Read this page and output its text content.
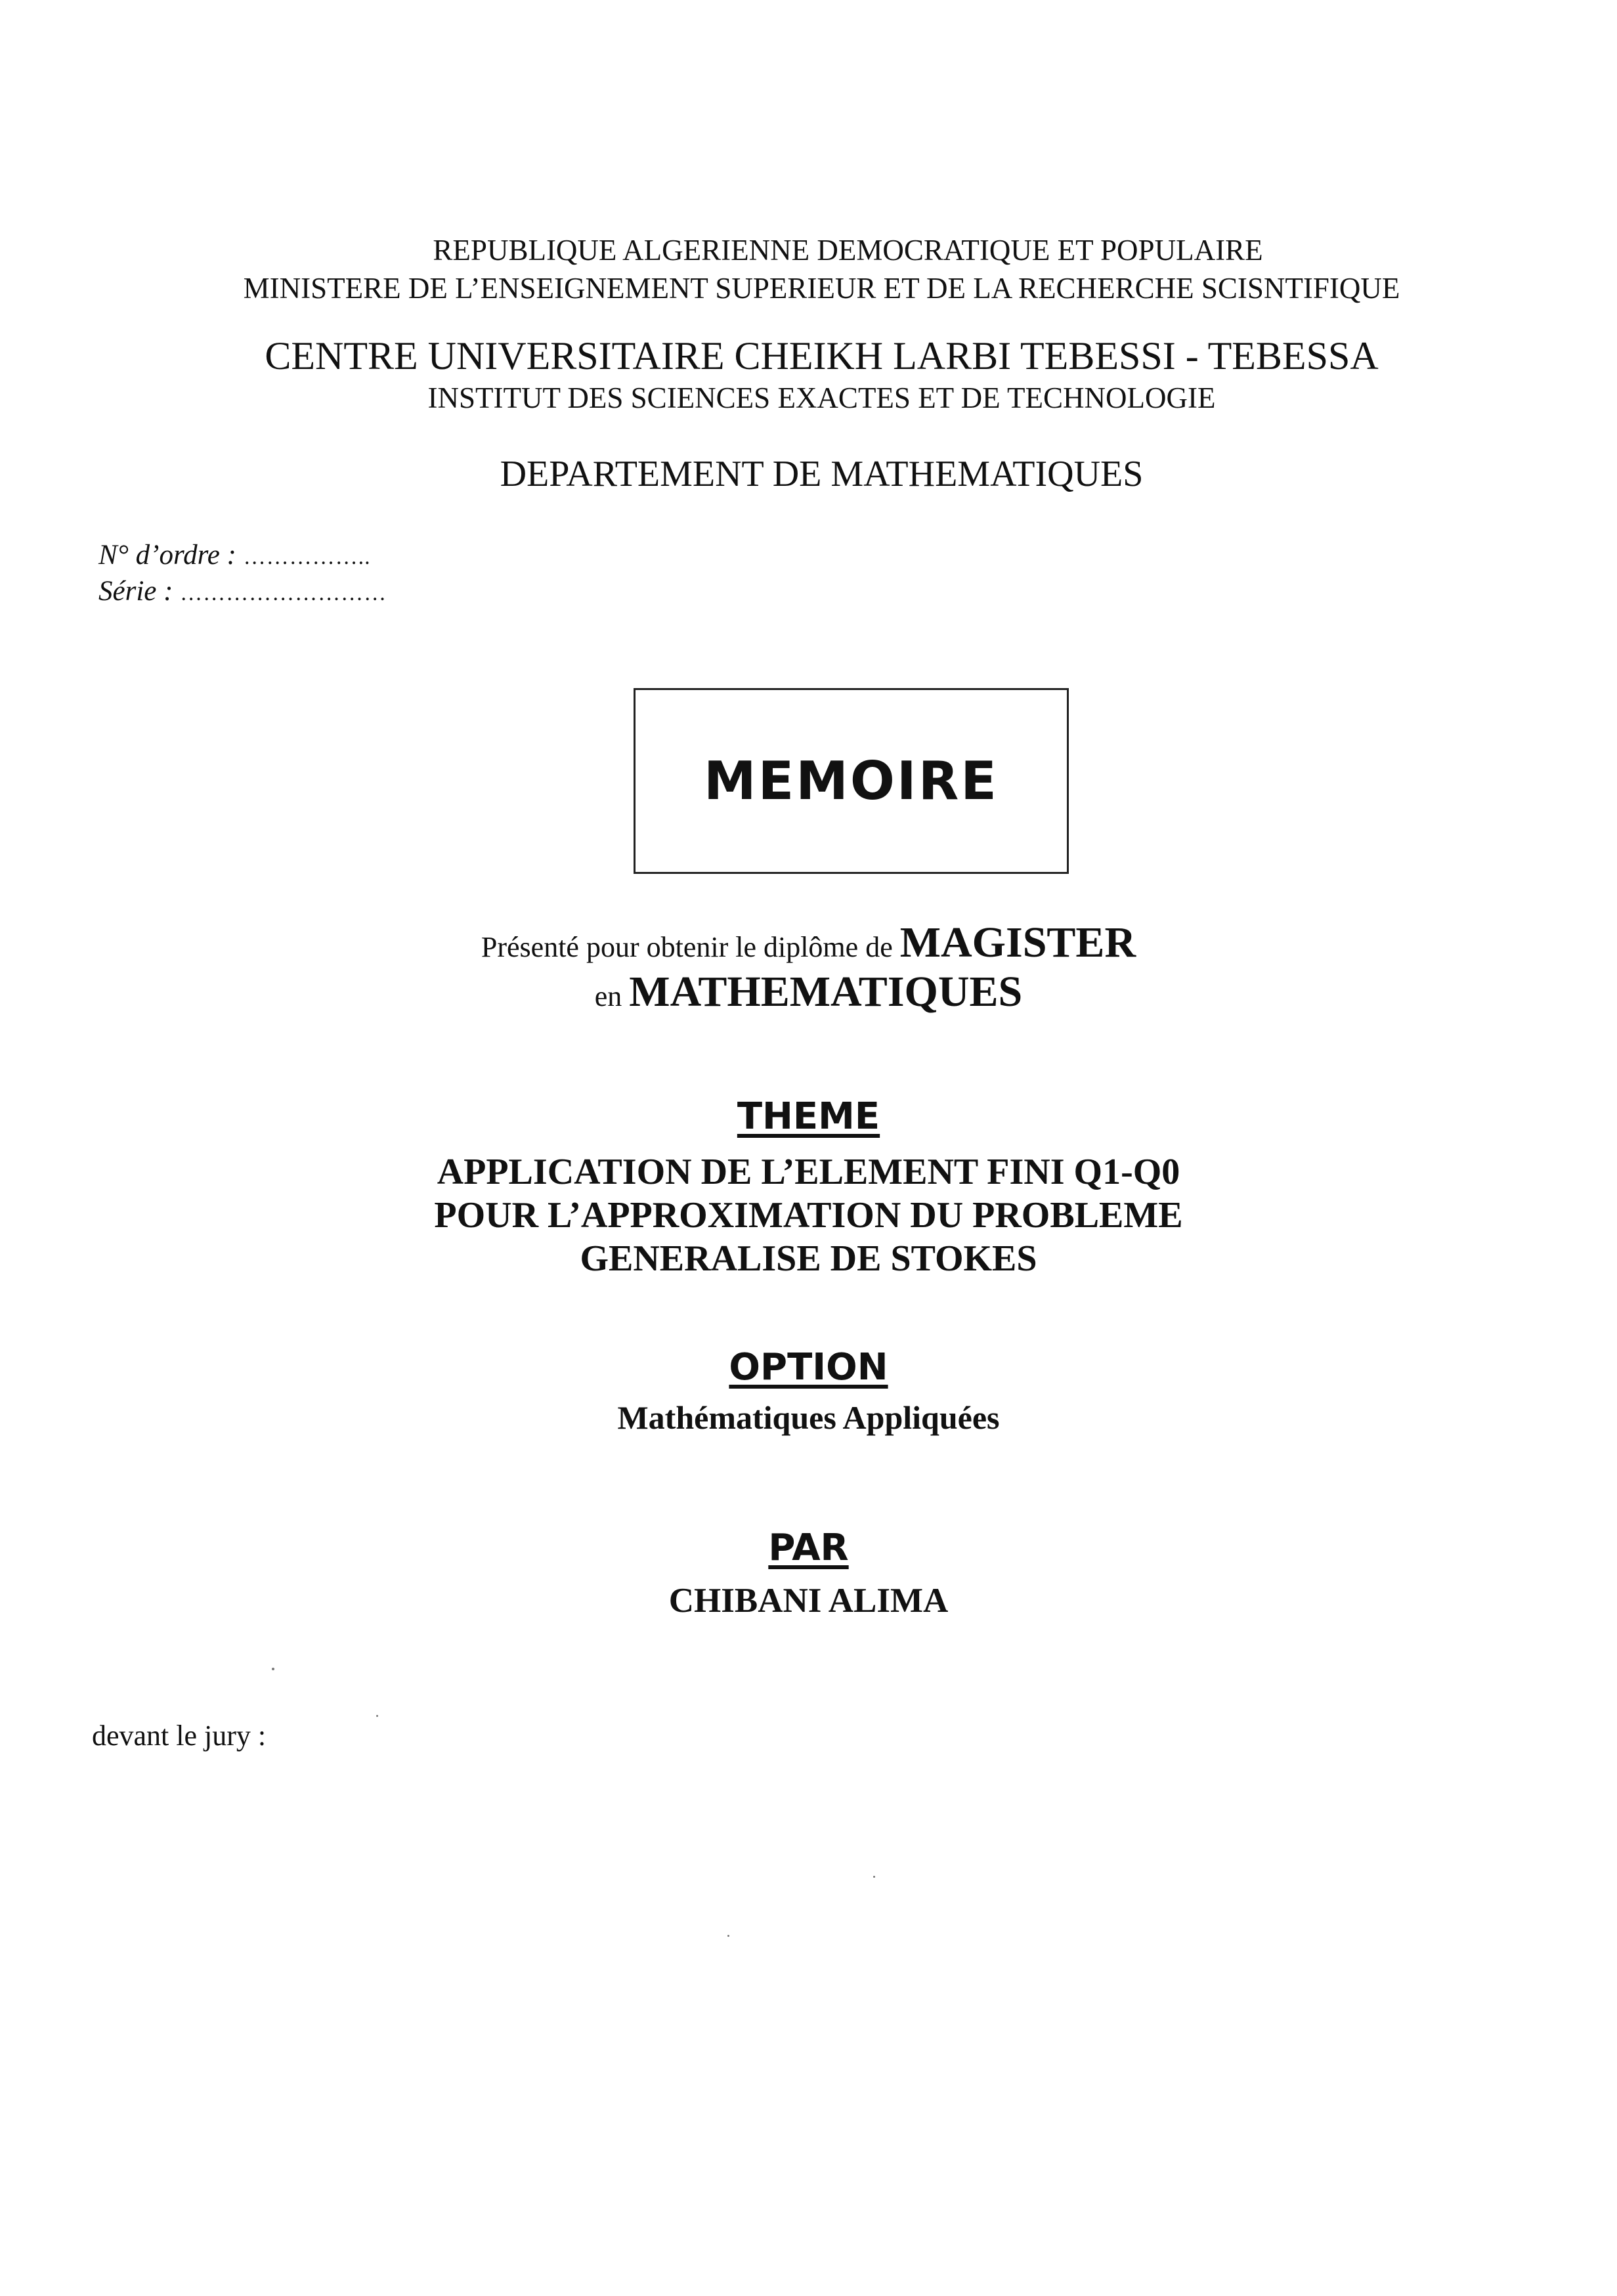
REPUBLIQUE ALGERIENNE DEMOCRATIQUE ET POPULAIRE
MINISTERE DE L’ENSEIGNEMENT SUPERIEUR ET DE LA RECHERCHE SCISNTIFIQUE
CENTRE UNIVERSITAIRE CHEIKH LARBI TEBESSI - TEBESSA
INSTITUT DES SCIENCES EXACTES ET DE TECHNOLOGIE
DEPARTEMENT DE MATHEMATIQUES
N° d’ordre : ……………..
Série : ………………………
MEMOIRE
Présenté pour obtenir le diplôme de MAGISTER
en MATHEMATIQUES
THEME
APPLICATION DE L’ELEMENT FINI Q1-Q0
POUR L’APPROXIMATION DU PROBLEME
GENERALISE DE STOKES
OPTION
Mathématiques Appliquées
PAR
CHIBANI ALIMA
devant le jury :
